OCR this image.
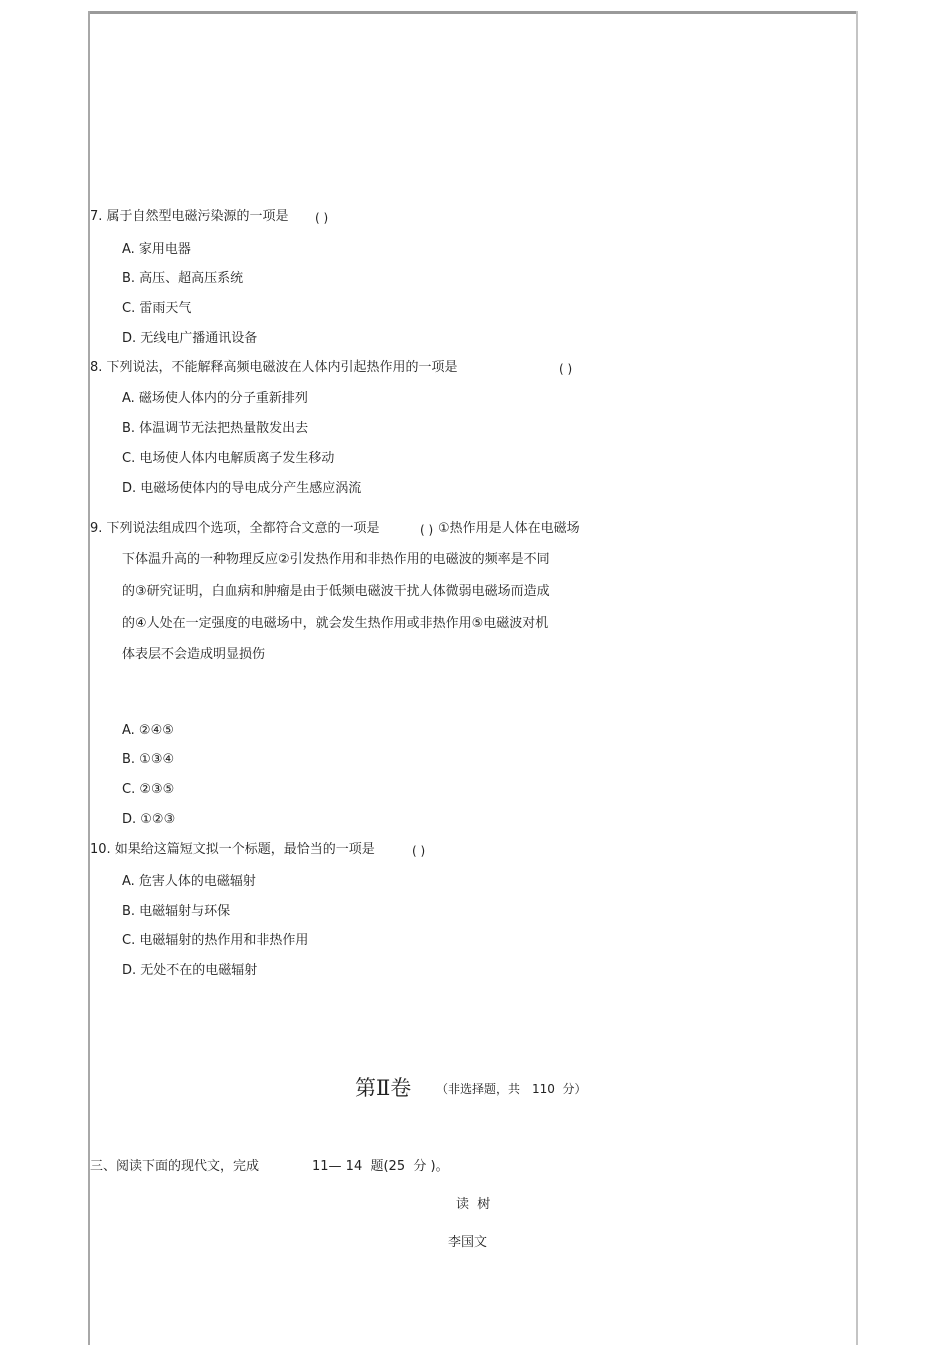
7. 属于自然型电磁污染源的一项是 ( )
A. 家用电器
B. 高压、超高压系统
C. 雷雨天气
D. 无线电广播通讯设备
8. 下列说法，不能解释高频电磁波在人体内引起热作用的一项是	( )
A. 磁场使人体内的分子重新排列
B. 体温调节无法把热量散发出去
C. 电场使人体内电解质离子发生移动
D. 电磁场使体内的导电成分产生感应涡流
9. 下列说法组成四个选项，全都符合文意的一项是	( ) ①热作用是人体在电磁场
下体温升高的一种物理反应②引发热作用和非热作用的电磁波的频率是不同
的③研究证明，白血病和肿瘤是由于低频电磁波干扰人体微弱电磁场而造成
的④人处在一定强度的电磁场中，就会发生热作用或非热作用⑤电磁波对机
体表层不会造成明显损伤
A. ②④⑤
B. ①③④
C. ②③⑤
D. ①②③
10. 如果给这篇短文拟一个标题，最恰当的一项是	( )
A. 危害人体的电磁辐射
B. 电磁辐射与环保
C. 电磁辐射的热作用和非热作用
D. 无处不在的电磁辐射
第Ⅱ卷 （非选择题，共　110  分）
三、阅读下面的现代文，完成	11— 14  题(25  分 )。
读  树
李国文
